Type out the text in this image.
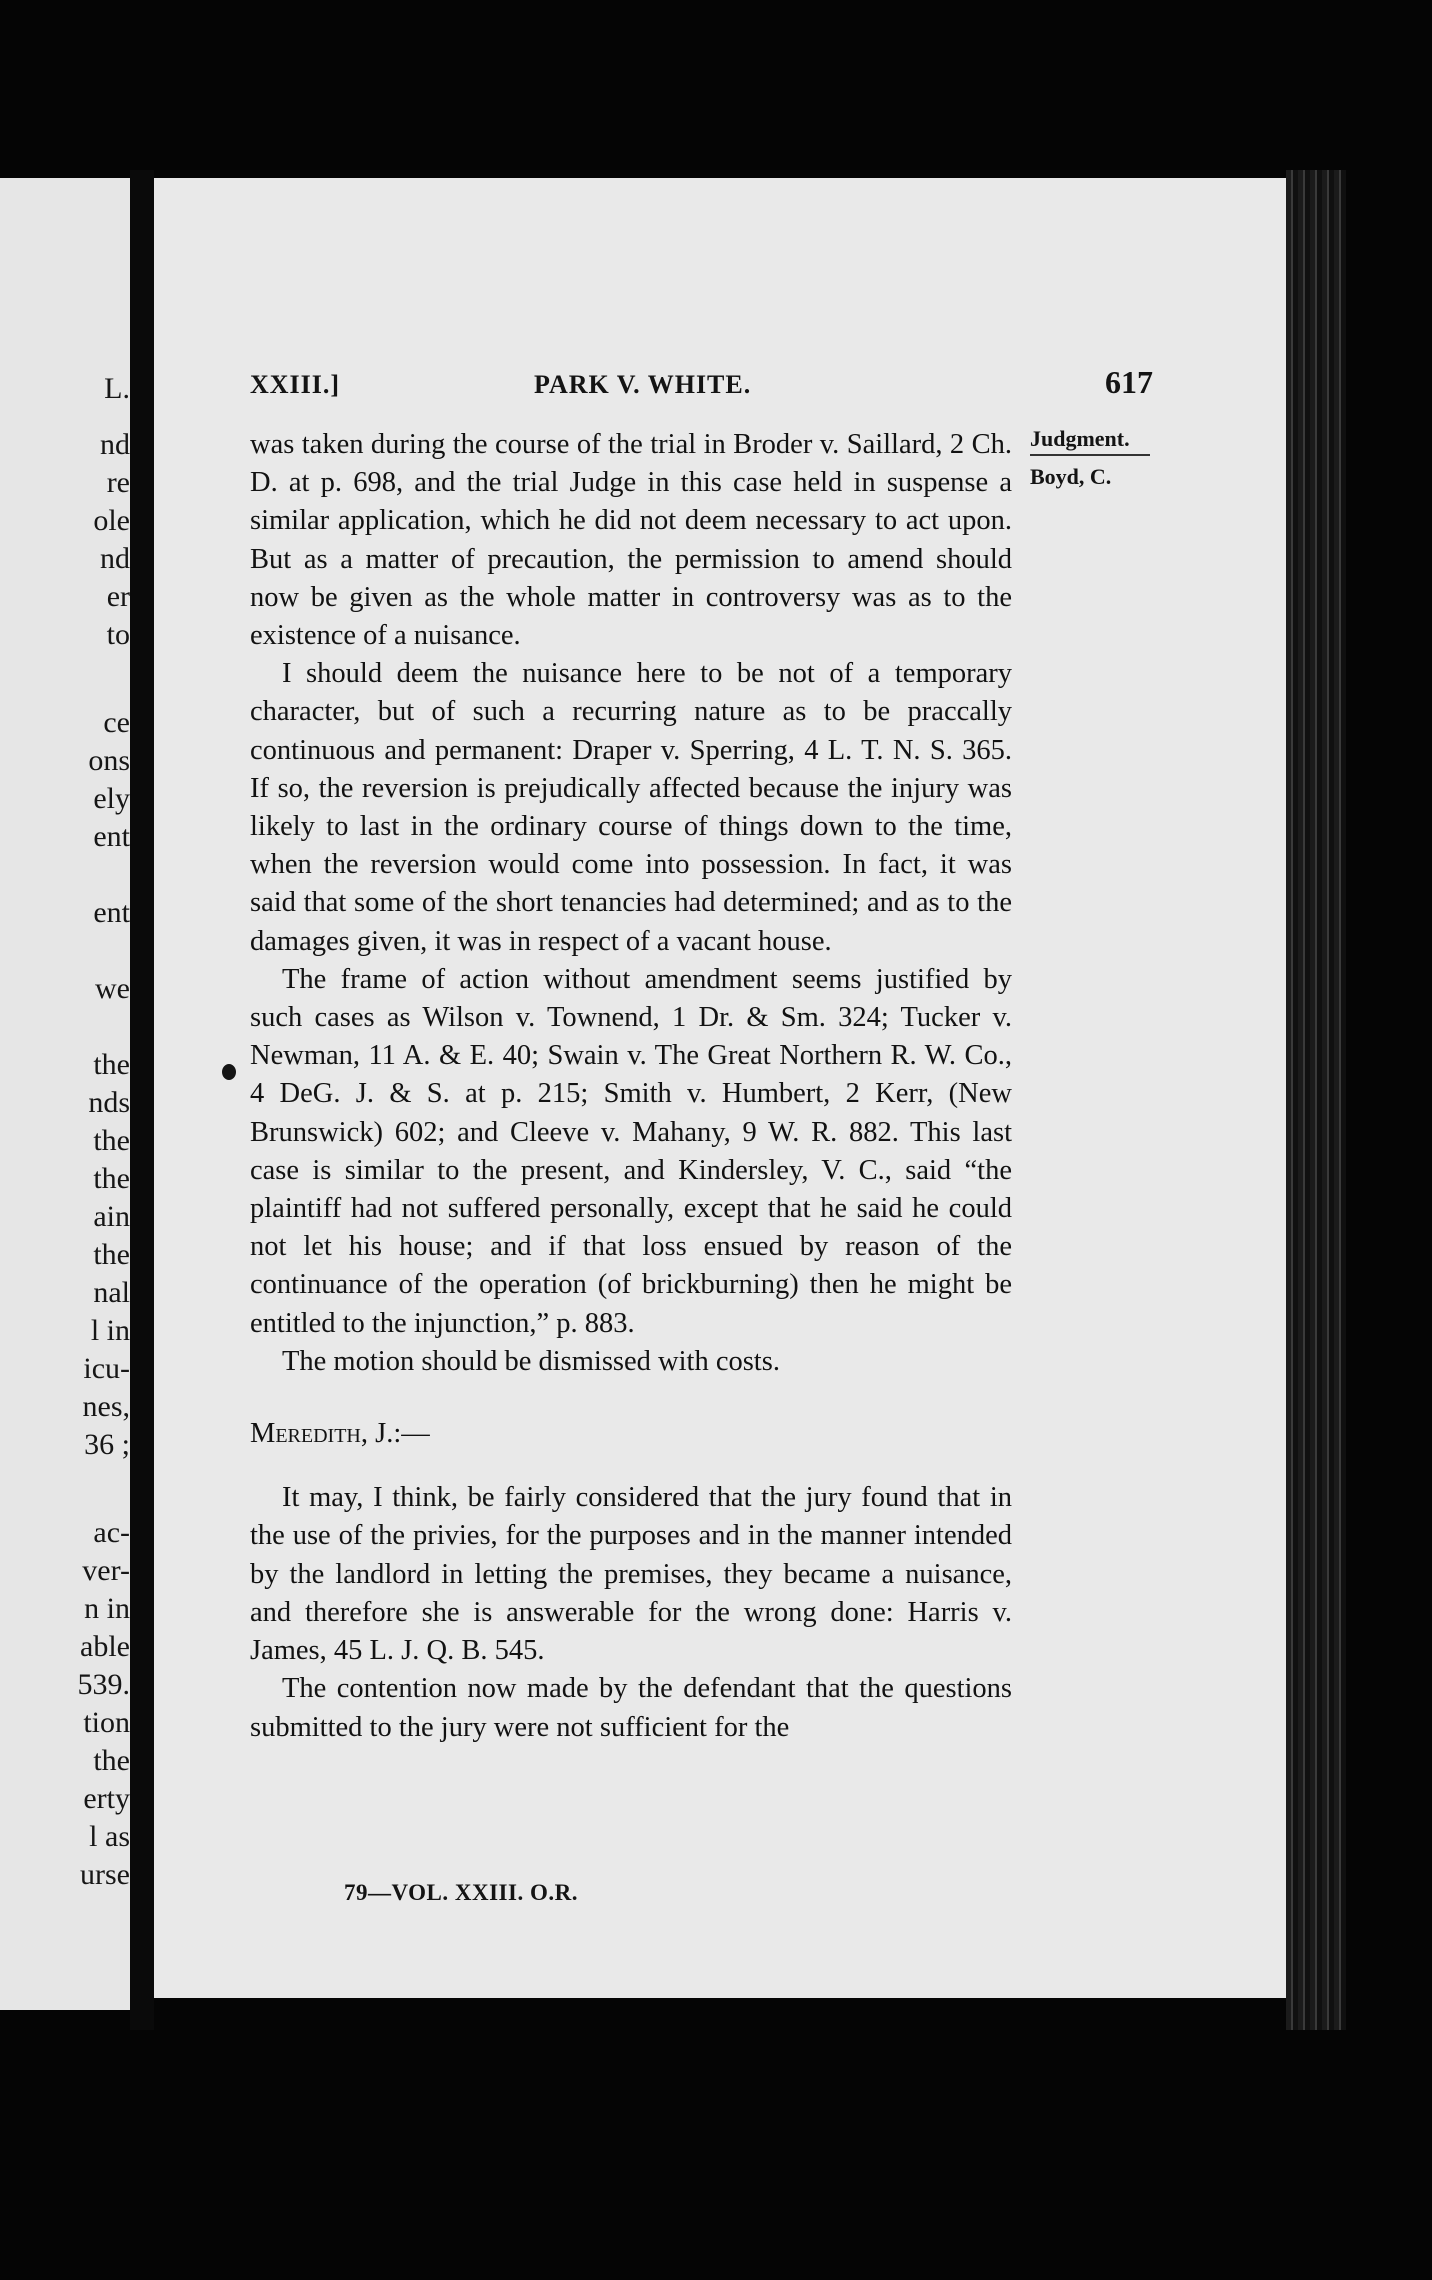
L.
nd
re
ole
nd
er
to
ce
ons
ely
ent
ent
we
the
nds
the
the
ain
the
nal
l in
icu-
nes,
36 ;
ac-
ver-
n in
able
539.
tion
the
erty
l as
urse
XXIII.]	PARK V. WHITE.	617
Judgment.
Boyd, C.

was taken during the course of the trial in Broder v. Saillard, 2 Ch. D. at p. 698, and the trial Judge in this case held in suspense a similar application, which he did not deem necessary to act upon. But as a matter of precaution, the permission to amend should now be given as the whole matter in controversy was as to the existence of a nuisance.

I should deem the nuisance here to be not of a temporary character, but of such a recurring nature as to be praccally continuous and permanent: Draper v. Sperring, 4 L. T. N. S. 365. If so, the reversion is prejudically affected because the injury was likely to last in the ordinary course of things down to the time, when the reversion would come into possession. In fact, it was said that some of the short tenancies had determined; and as to the damages given, it was in respect of a vacant house.

The frame of action without amendment seems justified by such cases as Wilson v. Townend, 1 Dr. & Sm. 324; Tucker v. Newman, 11 A. & E. 40; Swain v. The Great Northern R. W. Co., 4 DeG. J. & S. at p. 215; Smith v. Humbert, 2 Kerr, (New Brunswick) 602; and Cleeve v. Mahany, 9 W. R. 882. This last case is similar to the present, and Kindersley, V. C., said “the plaintiff had not suffered personally, except that he said he could not let his house; and if that loss ensued by reason of the continuance of the operation (of brickburning) then he might be entitled to the injunction,” p. 883.

The motion should be dismissed with costs.

Meredith, J.:—

It may, I think, be fairly considered that the jury found that in the use of the privies, for the purposes and in the manner intended by the landlord in letting the premises, they became a nuisance, and therefore she is answerable for the wrong done: Harris v. James, 45 L. J. Q. B. 545.

The contention now made by the defendant that the questions submitted to the jury were not sufficient for the

79—VOL. XXIII. O.R.
